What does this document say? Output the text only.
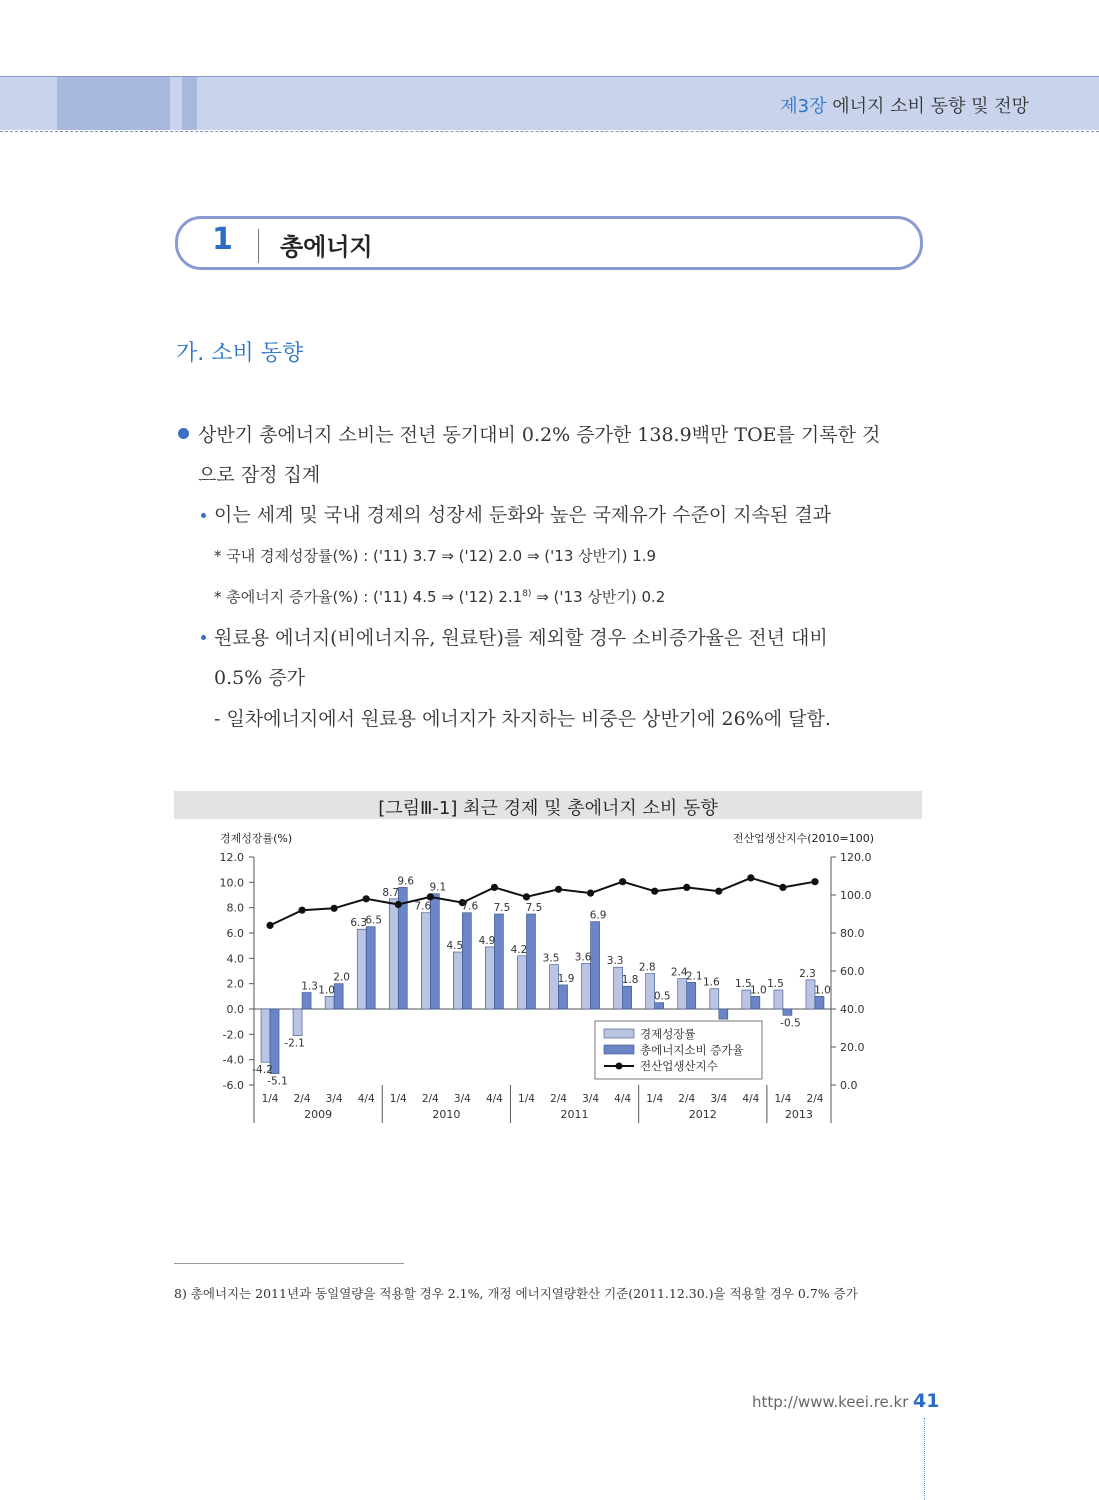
제3장 에너지 소비 동향 및 전망
1 총에너지
가. 소비 동향
상반기 총에너지 소비는 전년 동기대비 0.2% 증가한 138.9백만 TOE를 기록한 것
으로 잠정 집계
이는 세계 및 국내 경제의 성장세 둔화와 높은 국제유가 수준이 지속된 결과
* 국내 경제성장률(%) : ('11) 3.7 ⇒ ('12) 2.0 ⇒ ('13 상반기) 1.9
* 총에너지 증가율(%) : ('11) 4.5 ⇒ ('12) 2.1$^{8)}$ ⇒ ('13 상반기) 0.2
원료용 에너지(비에너지유, 원료탄)를 제외할 경우 소비증가율은 전년 대비
0.5% 증가
- 일차에너지에서 원료용 에너지가 차지하는 비중은 상반기에 26%에 달함.
[그림Ⅲ-1] 최근 경제 및 총에너지 소비 동향
경제성장률(%)	전산업생산지수(2010=100)
12.0
10.0
8.0
6.0
4.0
2.0
0.0
-2.0
-4.0
-6.0
120.0
100.0
80.0
60.0
40.0
20.0
0.0
-4.2
-5.1
-2.1
1.3 1.0
2.0
6.3
6.5
8.7
9.6
7.6
9.1
4.5
7.6
4.9
7.5
4.2
7.5
3.5
1.9
3.6
6.9
3.3
1.8
2.8
0.5
2.4
2.1
1.6 1.5
1.0
1.5
-0.5
2.3
1.0
1/4 2/4 3/4 4/4 1/4 2/4 3/4 4/4 1/4 2/4 3/4 4/4 1/4 2/4 3/4 4/4 1/4 2/4
2009	2010	2011	2012	2013
경제성장률
총에너지소비 증가율
전산업생산지수
8) 총에너지는 2011년과 동일열량을 적용할 경우 2.1%, 개정 에너지열량환산 기준(2011.12.30.)을 적용할 경우 0.7% 증가
http://www.keei.re.kr 41
